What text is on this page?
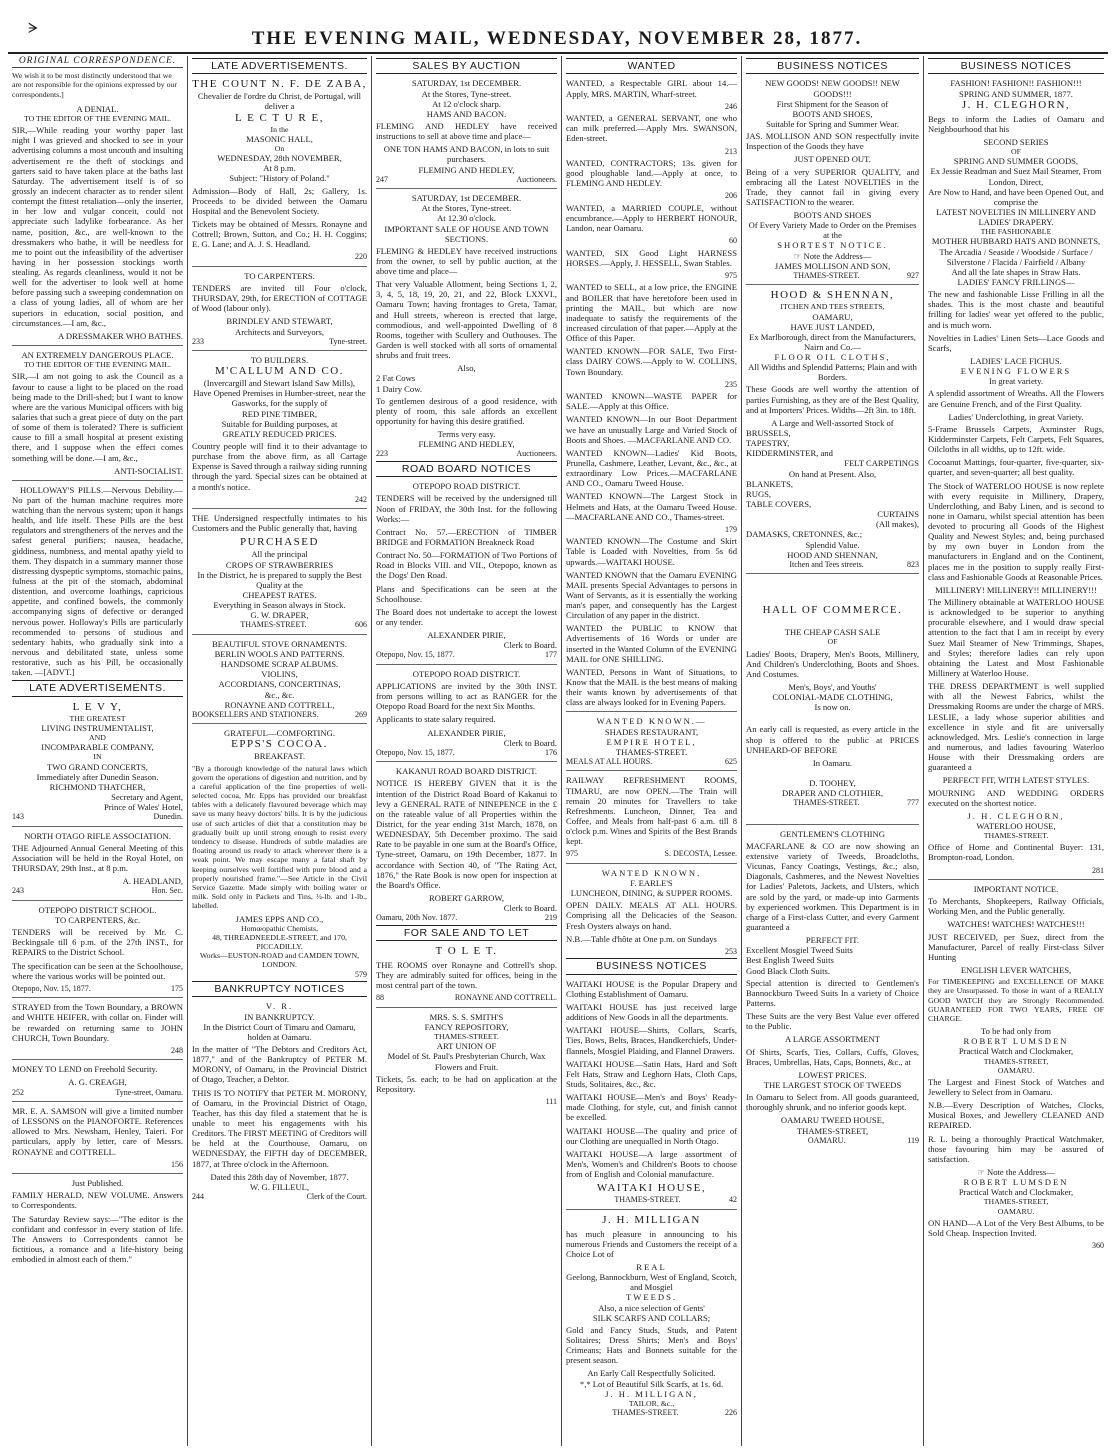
ᗒ	THE EVENING MAIL, WEDNESDAY, NOVEMBER 28, 1877.
ORIGINAL CORRESPONDENCE.
We wish it to be most distinctly understood that we are not responsible for the opinions expressed by our correspondents.]
A DENIAL.
TO THE EDITOR OF THE EVENING MAIL.
SIR,—While reading your worthy paper last night I was grieved and shocked to see in your advertising columns a most uncouth and insulting advertisement re the theft of stockings and garters said to have taken place at the baths last Saturday. The advertisement itself is of so grossly an indecent character as to render silent contempt the fittest retaliation—only the inserter, in her low and vulgar conceit, could not appreciate such ladylike forbearance. As her name, position, &c., are well-known to the dressmakers who bathe, it will be needless for me to point out the infeasibility of the advertiser having in her possession stockings worth stealing. As regards cleanliness, would it not be well for the advertiser to look well at home before passing such a sweeping condemnation on a class of young ladies, all of whom are her superiors in education, social position, and circumstances.—I am, &c.,
A DRESSMAKER WHO BATHES.
AN EXTREMELY DANGEROUS PLACE.
TO THE EDITOR OF THE EVENING MAIL.
SIR,—I am not going to ask the Council as a favour to cause a light to be placed on the road being made to the Drill-shed; but I want to know where are the various Municipal officers with big salaries that such a great piece of duty on the part of some of them is tolerated? There is sufficient cause to fill a small hospital at present existing there, and I suppose when the effect comes something will be done.—I am, &c.,
ANTI-SOCIALIST.
HOLLOWAY'S PILLS.—Nervous Debility.—No part of the human machine requires more watching than the nervous system; upon it hangs health, and life itself. These Pills are the best regulators and strengtheners of the nerves and the safest general purifiers; nausea, headache, giddiness, numbness, and mental apathy yield to them. They dispatch in a summary manner those distressing dyspeptic symptoms, stomachic pains, fulness at the pit of the stomach, abdominal distention, and overcome loathings, capricious appetite, and confined bowels, the commonly accompanying signs of defective or deranged nervous power. Holloway's Pills are particularly recommended to persons of studious and sedentary habits, who gradually sink into a nervous and debilitated state, unless some restorative, such as his Pill, be occasionally taken. —[ADVT.]
LATE ADVERTISEMENTS.
L E V Y,
THE GREATEST
LIVING INSTRUMENTALIST,
AND
INCOMPARABLE COMPANY,
IN
TWO GRAND CONCERTS,
Immediately after Dunedin Season.
RICHMOND THATCHER,
Secretary and Agent,
Prince of Wales' Hotel,
143	Dunedin.
NORTH OTAGO RIFLE ASSOCIATION.
THE Adjourned Annual General Meeting of this Association will be held in the Royal Hotel, on THURSDAY, 29th Inst., at 8 p.m.
A. HEADLAND,
243	Hon. Sec.
OTEPOPO DISTRICT SCHOOL.
TO CARPENTERS, &c.
TENDERS will be received by Mr. C. Beckingsale till 6 p.m. of the 27th INST., for REPAIRS to the District School.
The specification can be seen at the Schoolhouse, where the various works will be pointed out.
Otepopo, Nov. 15, 1877.	175
STRAYED from the Town Boundary, a BROWN and WHITE HEIFER, with collar on. Finder will be rewarded on returning same to JOHN CHURCH, Town Boundary.
248
MONEY TO LEND on Freehold Security.
A. G. CREAGH,
252	Tyne-street, Oamaru.
MR. E. A. SAMSON will give a limited number of LESSONS on the PIANOFORTE. References allowed to Mrs. Newsham, Henley, Taieri. For particulars, apply by letter, care of Messrs. RONAYNE and COTTRELL.
156
Just Published.
FAMILY HERALD, NEW VOLUME. Answers to Correspondents.
The Saturday Review says:—"The editor is the confidant and confessor in every station of life. The Answers to Correspondents cannot be fictitious, a romance and a life-history being embodied in almost each of them."
LATE ADVERTISEMENTS.
THE COUNT N. F. DE ZABA,
Chevalier de l'ordre du Christ, de Portugal, will deliver a
L E C T U R E,
In the
MASONIC HALL,
On
WEDNESDAY, 28th NOVEMBER,
At 8 p.m.
Subject: "History of Poland."
Admission—Body of Hall, 2s; Gallery, 1s. Proceeds to be divided between the Oamaru Hospital and the Benevolent Society.
Tickets may be obtained of Messrs. Ronayne and Cottrell; Brown, Sutton, and Co.; H. H. Coggins; E. G. Lane; and A. J. S. Headland.
220
TO CARPENTERS.
TENDERS are invited till Four o'clock, THURSDAY, 29th, for ERECTION of COTTAGE of Wood (labour only).
BRINDLEY AND STEWART,
Architects and Surveyors,
233	Tyne-street.
TO BUILDERS.
M'CALLUM AND CO.
(Invercargill and Stewart Island Saw Mills),
Have Opened Premises in Humber-street, near the Gasworks, for the supply of
RED PINE TIMBER,
Suitable for Building purposes, at
GREATLY REDUCED PRICES.
Country people will find it to their advantage to purchase from the above firm, as all Cartage Expense is Saved through a railway siding running through the yard. Special sizes can be obtained at a month's notice.
242
THE Undersigned respectfully intimates to his Customers and the Public generally that, having
PURCHASED
All the principal
CROPS OF STRAWBERRIES
In the District, he is prepared to supply the Best Quality at the
CHEAPEST RATES.
Everything in Season always in Stock.
G. W. DRAPER,
THAMES-STREET.	606
BEAUTIFUL STOVE ORNAMENTS.
BERLIN WOOLS AND PATTERNS.
HANDSOME SCRAP ALBUMS.
VIOLINS,
ACCORDIANS, CONCERTINAS,
&c., &c.
RONAYNE AND COTTRELL,
BOOKSELLERS AND STATIONERS.	269
GRATEFUL—COMFORTING.
EPPS'S COCOA.
BREAKFAST.
"By a thorough knowledge of the natural laws which govern the operations of digestion and nutrition, and by a careful application of the fine properties of well-selected cocoa, Mr. Epps has provided our breakfast tables with a delicately flavoured beverage which may save us many heavy doctors' bills. It is by the judicious use of such articles of diet that a constitution may be gradually built up until strong enough to resist every tendency to disease. Hundreds of subtle maladies are floating around us ready to attack wherever there is a weak point. We may escape many a fatal shaft by keeping ourselves well fortified with pure blood and a properly nourished frame."—See Article in the Civil Service Gazette. Made simply with boiling water or milk. Sold only in Packets and Tins, ½-lb. and 1-lb., labelled.
JAMES EPPS AND CO.,
Homœopathic Chemists,
48, THREADNEEDLE-STREET, and 170, PICCADILLY.
Works—EUSTON-ROAD and CAMDEN TOWN, LONDON.
579
BANKRUPTCY NOTICES
V. R.
IN BANKRUPTCY.
In the District Court of Timaru and Oamaru, holden at Oamaru.
In the matter of "The Debtors and Creditors Act, 1877," and of the Bankruptcy of PETER M. MORONY, of Oamaru, in the Provincial District of Otago, Teacher, a Debtor.
THIS IS TO NOTIFY that PETER M. MORONY, of Oamaru, in the Provincial District of Otago, Teacher, has this day filed a statement that he is unable to meet his engagements with his Creditors. The FIRST MEETING of Creditors will be held at the Courthouse, Oamaru, on WEDNESDAY, the FIFTH day of DECEMBER, 1877, at Three o'clock in the Afternoon.
Dated this 28th day of November, 1877.
W. G. FILLEUL,
244	Clerk of the Court.
SALES BY AUCTION
SATURDAY, 1st DECEMBER.
At the Stores, Tyne-street.
At 12 o'clock sharp.
HAMS AND BACON.
FLEMING AND HEDLEY have received instructions to sell at above time and place—
ONE TON HAMS AND BACON, in lots to suit purchasers.
FLEMING AND HEDLEY,
247	Auctioneers.
SATURDAY, 1st DECEMBER.
At the Stores, Tyne-street.
At 12.30 o'clock.
IMPORTANT SALE OF HOUSE AND TOWN SECTIONS.
FLEMING & HEDLEY have received instructions from the owner, to sell by public auction, at the above time and place—
That very Valuable Allotment, being Sections 1, 2, 3, 4, 5, 18, 19, 20, 21, and 22, Block LXXVI., Oamaru Town; having frontages to Greta, Tamar, and Hull streets, whereon is erected that large, commodious, and well-appointed Dwelling of 8 Rooms, together with Scullery and Outhouses. The Garden is well stocked with all sorts of ornamental shrubs and fruit trees.
Also,
2 Fat Cows
1 Dairy Cow.
To gentlemen desirous of a good residence, with plenty of room, this sale affords an excellent opportunity for having this desire gratified.
Terms very easy.
FLEMING AND HEDLEY,
223	Auctioneers.
ROAD BOARD NOTICES
OTEPOPO ROAD DISTRICT.
TENDERS will be received by the undersigned till Noon of FRIDAY, the 30th Inst. for the following Works:—
Contract No. 57.—ERECTION of TIMBER BRIDGE and FORMATION Breakneck Road
Contract No. 50—FORMATION of Two Portions of Road in Blocks VIII. and VII., Otepopo, known as the Dogs' Den Road.
Plans and Specifications can be seen at the Schoolhouse.
The Board does not undertake to accept the lowest or any tender.
ALEXANDER PIRIE,
Clerk to Board.
Otepopo, Nov. 15, 1877.	177
OTEPOPO ROAD DISTRICT.
APPLICATIONS are invited by the 30th INST. from persons willing to act as RANGER for the Otepopo Road Board for the next Six Months.
Applicants to state salary required.
ALEXANDER PIRIE,
Clerk to Board.
Otepopo, Nov. 15, 1877.	176
KAKANUI ROAD BOARD DISTRICT.
NOTICE IS HEREBY GIVEN that it is the intention of the District Road Board of Kakanui to levy a GENERAL RATE of NINEPENCE in the £ on the rateable value of all Properties within the District, for the year ending 31st March, 1878, on WEDNESDAY, 5th December proximo. The said Rate to be payable in one sum at the Board's Office, Tyne-street, Oamaru, on 19th December, 1877. In accordance with Section 40, of "The Rating Act, 1876," the Rate Book is now open for inspection at the Board's Office.
ROBERT GARROW,
Clerk to Board.
Oamaru, 20th Nov. 1877.	219
FOR SALE AND TO LET
T O L E T.
THE ROOMS over Ronayne and Cottrell's shop. They are admirably suited for offices, being in the most central part of the town.
88	RONAYNE AND COTTRELL.
MRS. S. S. SMITH'S
FANCY REPOSITORY,
THAMES-STREET.
ART UNION OF
Model of St. Paul's Presbyterian Church, Wax Flowers and Fruit.
Tickets, 5s. each; to be had on application at the Repository.
111
WANTED
WANTED, a Respectable GIRL about 14.—Apply, MRS. MARTIN, Wharf-street.
246
WANTED, a GENERAL SERVANT, one who can milk preferred.—Apply Mrs. SWANSON, Eden-street.
213
WANTED, CONTRACTORS; 13s. given for good ploughable land.—Apply at once, to FLEMING AND HEDLEY.
206
WANTED, a MARRIED COUPLE, without encumbrance.—Apply to HERBERT HONOUR, Landon, near Oamaru.
60
WANTED, SIX Good Light HARNESS HORSES.—Apply, J. HESSELL, Swan Stables.
975
WANTED to SELL, at a low price, the ENGINE and BOILER that have heretofore been used in printing the MAIL, but which are now inadequate to satisfy the requirements of the increased circulation of that paper.—Apply at the Office of this Paper.
WANTED KNOWN—FOR SALE, Two First-class DAIRY COWS.—Apply to W. COLLINS, Town Boundary.
235
WANTED KNOWN—WASTE PAPER for SALE.—Apply at this Office.
WANTED KNOWN—In our Boot Department we have an unusually Large and Varied Stock of Boots and Shoes. —MACFARLANE AND CO.
WANTED KNOWN—Ladies' Kid Boots, Prunella, Cashmere, Leather, Levant, &c., &c., at extraordinary Low Prices.—MACFARLANE AND CO., Oamaru Tweed House.
WANTED KNOWN—The Largest Stock in Helmets and Hats, at the Oamaru Tweed House.—MACFARLANE AND CO., Thames-street.
179
WANTED KNOWN—The Costume and Skirt Table is Loaded with Novelties, from 5s 6d upwards.—WAITAKI HOUSE.
WANTED KNOWN that the Oamaru EVENING MAIL presents Special Advantages to persons in Want of Servants, as it is essentially the working man's paper, and consequently has the Largest Circulation of any paper in the district.
WANTED the PUBLIC to KNOW that Advertisements of 16 Words or under are inserted in the Wanted Column of the EVENING MAIL for ONE SHILLING.
WANTED, Persons in Want of Situations, to Know that the MAIL is the best means of making their wants known by advertisements of that class are always looked for in Evening Papers.
WANTED KNOWN.—
SHADES RESTAURANT,
EMPIRE HOTEL,
THAMES-STREET.
MEALS AT ALL HOURS.	625
RAILWAY REFRESHMENT ROOMS, TIMARU, are now OPEN.—The Train will remain 20 minutes for Travellers to take Refreshments. Luncheon, Dinner, Tea and Coffee, and Meals from half-past 6 a.m. till 8 o'clock p.m. Wines and Spirits of the Best Brands kept.
975	S. DECOSTA, Lessee.
WANTED KNOWN.
F. EARLE'S
LUNCHEON, DINING, & SUPPER ROOMS.
OPEN DAILY. MEALS AT ALL HOURS. Comprising all the Delicacies of the Season. Fresh Oysters always on hand.
N.B.—Table d'hôte at One p.m. on Sundays
253
BUSINESS NOTICES
WAITAKI HOUSE is the Popular Drapery and Clothing Establishment of Oamaru.
WAITAKI HOUSE has just received large additions of New Goods in all the departments.
WAITAKI HOUSE—Shirts, Collars, Scarfs, Ties, Bows, Belts, Braces, Handkerchiefs, Under-flannels, Mosgiel Plaiding, and Flannel Drawers.
WAITAKI HOUSE—Satin Hats, Hard and Soft Felt Hats, Straw and Leghorn Hats, Cloth Caps, Studs, Solitaires, &c., &c.
WAITAKI HOUSE—Men's and Boys' Ready-made Clothing, for style, cut, and finish cannot be excelled.
WAITAKI HOUSE—The quality and price of our Clothing are unequalled in North Otago.
WAITAKI HOUSE—A large assortment of Men's, Women's and Children's Boots to choose from of English and Colonial manufacture.
WAITAKI HOUSE,
THAMES-STREET.	42
J. H. MILLIGAN
has much pleasure in announcing to his numerous Friends and Customers the receipt of a Choice Lot of
REAL
Geelong, Bannockburn, West of England, Scotch, and Mosgiel
TWEEDS.
Also, a nice selection of Gents'
SILK SCARFS AND COLLARS;
Gold and Fancy Studs, Studs, and Patent Solitaires; Dress Shirts; Men's and Boys' Crimeans; Hats and Bonnets suitable for the present season.
An Early Call Respectfully Solicited.
*,* Lot of Beautiful Silk Scarfs, at 1s. 6d.
J. H. MILLIGAN,
TAILOR, &c.,
THAMES-STREET.	226
BUSINESS NOTICES
NEW GOODS! NEW GOODS!! NEW GOODS!!!
First Shipment for the Season of
BOOTS AND SHOES,
Suitable for Spring and Summer Wear.
JAS. MOLLISON AND SON respectfully invite Inspection of the Goods they have
JUST OPENED OUT.
Being of a very SUPERIOR QUALITY, and embracing all the Latest NOVELTIES in the Trade, they cannot fail in giving every SATISFACTION to the wearer.
BOOTS AND SHOES
Of Every Variety Made to Order on the Premises at the
SHORTEST NOTICE.
☞ Note the Address—
JAMES MOLLISON AND SON,
THAMES-STREET.	927
HOOD & SHENNAN,
ITCHEN AND TEES STREETS,
OAMARU,
HAVE JUST LANDED,
Ex Marlborough, direct from the Manufacturers, Nairn and Co.—
FLOOR OIL CLOTHS,
All Widths and Splendid Patterns; Plain and with Borders.
These Goods are well worthy the attention of parties Furnishing, as they are of the Best Quality, and at Importers' Prices. Widths—2ft 3in. to 18ft.
A Large and Well-assorted Stock of
BRUSSELS,
TAPESTRY,
KIDDERMINSTER, and
FELT CARPETINGS
On hand at Present. Also,
BLANKETS,
RUGS,
TABLE COVERS,
CURTAINS
(All makes),
DAMASKS, CRETONNES, &c.;
Splendid Value.
HOOD AND SHENNAN,
Itchen and Tees streets.	823
HALL OF COMMERCE.
THE CHEAP CASH SALE
OF
Ladies' Boots, Drapery, Men's Boots, Millinery, And Children's Underclothing, Boots and Shoes. And Costumes.
Men's, Boys', and Youths'
COLONIAL-MADE CLOTHING,
Is now on.
An early call is requested, as every article in the shop is offered to the public at PRICES UNHEARD-OF BEFORE
In Oamaru.
D. TOOHEY,
DRAPER AND CLOTHIER,
THAMES-STREET.	777
GENTLEMEN'S CLOTHING
MACFARLANE & CO are now showing an extensive variety of Tweeds, Broadcloths, Vicunas, Fancy Coatings, Vestings, &c.; also, Diagonals, Cashmeres, and the Newest Novelties for Ladies' Paletots, Jackets, and Ulsters, which are sold by the yard, or made-up into Garments by experienced workmen. This Department is in charge of a First-class Cutter, and every Garment guaranteed a
PERFECT FIT.
Excellent Mosgiel Tweed Suits
Best English Tweed Suits
Good Black Cloth Suits.
Special attention is directed to Gentlemen's Bannockburn Tweed Suits In a variety of Choice Patterns.
These Suits are the very Best Value ever offered to the Public.
A LARGE ASSORTMENT
Of Shirts, Scarfs, Ties, Collars, Cuffs, Gloves, Braces, Umbrellas, Hats, Caps, Bonnets, &c., at
LOWEST PRICES.
THE LARGEST STOCK OF TWEEDS
In Oamaru to Select from. All goods guaranteed, thoroughly shrunk, and no inferior goods kept.
OAMARU TWEED HOUSE,
THAMES-STREET,
OAMARU.	119
BUSINESS NOTICES
FASHION! FASHION!! FASHION!!!
SPRING AND SUMMER, 1877.
J. H. CLEGHORN,
Begs to inform the Ladies of Oamaru and Neighbourhood that his
SECOND SERIES
OF
SPRING AND SUMMER GOODS,
Ex Jessie Readman and Suez Mail Steamer, From London, Direct,
Are Now to Hand, and have been Opened Out, and comprise the
LATEST NOVELTIES IN MILLINERY AND LADIES' DRAPERY.
THE FASHIONABLE
MOTHER HUBBARD HATS AND BONNETS,
The Arcadia / Seaside / Woodside / Surface / Silverstone / Flacida / Fairfield / Albany
And all the late shapes in Straw Hats.
LADIES' FANCY FRILLINGS—
The new and fashionable Lisse Frilling in all the shades. This is the most chaste and beautiful frilling for ladies' wear yet offered to the public, and is much worn.
Novelties in Ladies' Linen Sets—Lace Goods and Scarfs,
LADIES' LACE FICHUS.
EVENING FLOWERS
In great variety.
A splendid assortment of Wreaths. All the Flowers are Genuine French, and of the First Quality.
Ladies' Underclothing, in great Variety.
5-Frame Brussels Carpets, Axminster Rugs, Kidderminster Carpets, Felt Carpets, Felt Squares, Oilcloths in all widths, up to 12ft. wide.
Cocoanut Mattings, four-quarter, five-quarter, six-quarter, and seven-quarter; all best quality.
The Stock of WATERLOO HOUSE is now replete with every requisite in Millinery, Drapery, Underclothing, and Baby Linen, and is second to none in Oamaru, whilst special attention has been devoted to procuring all Goods of the Highest Quality and Newest Styles; and, being purchased by my own buyer in London from the manufacturers in England and on the Continent, places me in the position to supply really First-class and Fashionable Goods at Reasonable Prices.
MILLINERY! MILLINERY!! MILLINERY!!!
The Millinery obtainable at WATERLOO HOUSE is acknowledged to be superior to anything procurable elsewhere, and I would draw special attention to the fact that I am in receipt by every Suez Mail Steamer of New Trimmings, Shapes, and Styles; therefore ladies can rely upon obtaining the Latest and Most Fashionable Millinery at Waterloo House.
THE DRESS DEPARTMENT is well supplied with all the Newest Fabrics, whilst the Dressmaking Rooms are under the charge of MRS. LESLIE, a lady whose superior abilities and excellence in style and fit are universally acknowledged. Mrs. Leslie's connection in large and numerous, and ladies favouring Waterloo House with their Dressmaking orders are guaranteed a
PERFECT FIT, WITH LATEST STYLES.
MOURNING AND WEDDING ORDERS executed on the shortest notice.
J. H. CLEGHORN,
WATERLOO HOUSE,
THAMES-STREET.
Office of Home and Continental Buyer: 131, Brompton-road, London.
281
IMPORTANT NOTICE.
To Merchants, Shopkeepers, Railway Officials, Working Men, and the Public generally.
WATCHES! WATCHES! WATCHES!!!
JUST RECEIVED, per Suez, direct from the Manufacturer, Parcel of really First-class Silver Hunting
ENGLISH LEVER WATCHES,
For TIMEKEEPING and EXCELLENCE OF MAKE they are Unsurpassed. To those in want of a REALLY GOOD WATCH they are Strongly Recommended. GUARANTEED FOR TWO YEARS, FREE OF CHARGE.
To be had only from
ROBERT LUMSDEN
Practical Watch and Clockmaker,
THAMES-STREET,
OAMARU.
The Largest and Finest Stock of Watches and Jewellery to Select from in Oamaru.
N.B.—Every Description of Watches, Clocks, Musical Boxes, and Jewellery CLEANED AND REPAIRED.
R. L. being a thoroughly Practical Watchmaker, those favouring him may be assured of satisfaction.
☞ Note the Address—
ROBERT LUMSDEN
Practical Watch and Clockmaker,
THAMES-STREET,
OAMARU.
ON HAND—A Lot of the Very Best Albums, to be Sold Cheap. Inspection Invited.
360
